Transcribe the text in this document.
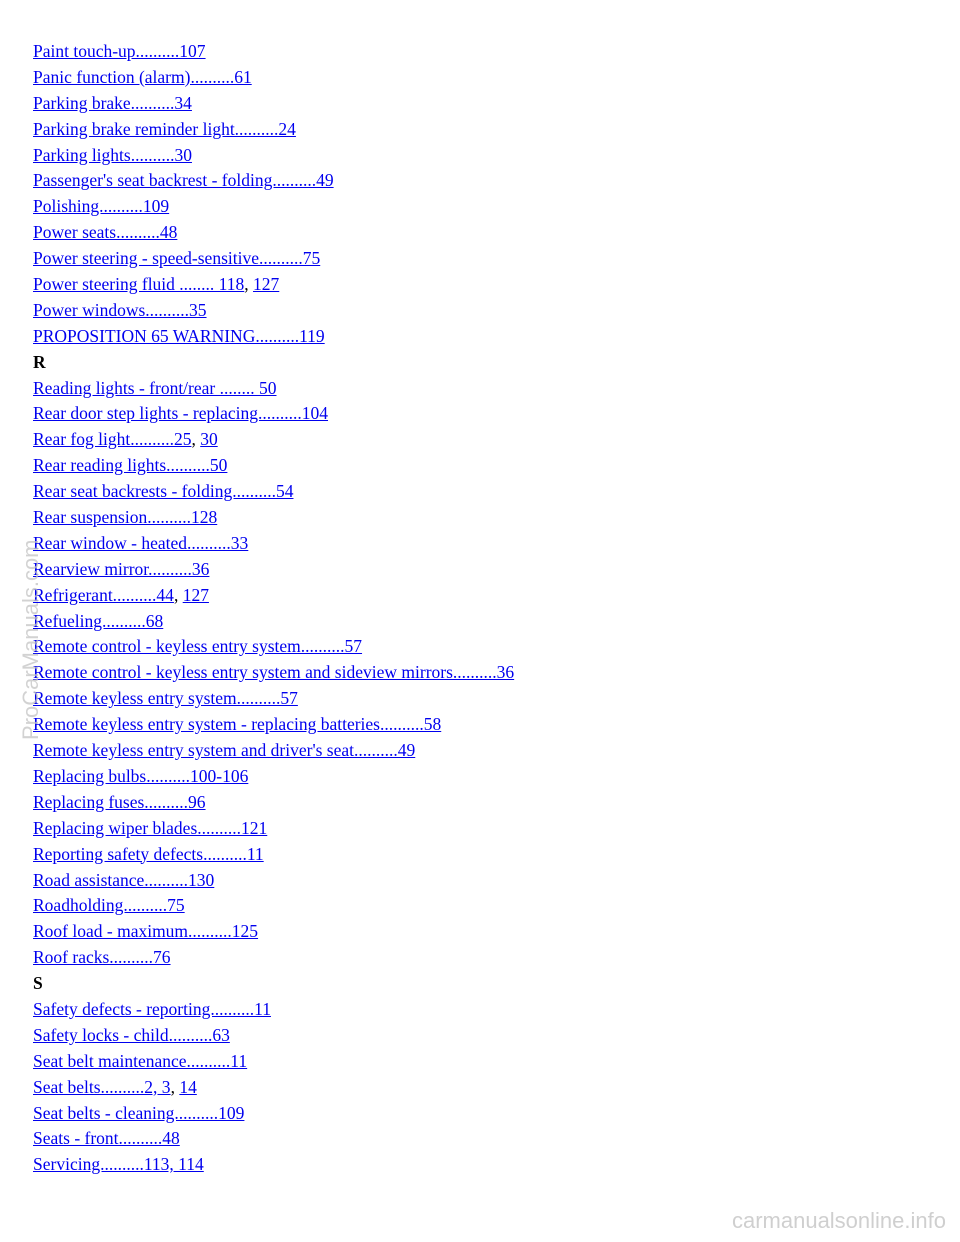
Paint touch-up..........107
Panic function (alarm)..........61
Parking brake..........34
Parking brake reminder light..........24
Parking lights..........30
Passenger's seat backrest - folding..........49
Polishing..........109
Power seats..........48
Power steering - speed-sensitive..........75
Power steering fluid ........ 118, 127
Power windows..........35
PROPOSITION 65 WARNING..........119
R
Reading lights - front/rear ........ 50
Rear door step lights - replacing..........104
Rear fog light..........25, 30
Rear reading lights..........50
Rear seat backrests - folding..........54
Rear suspension..........128
Rear window - heated..........33
Rearview mirror..........36
Refrigerant..........44, 127
Refueling..........68
Remote control - keyless entry system..........57
Remote control - keyless entry system and sideview mirrors..........36
Remote keyless entry system..........57
Remote keyless entry system - replacing batteries..........58
Remote keyless entry system and driver's seat..........49
Replacing bulbs..........100-106
Replacing fuses..........96
Replacing wiper blades..........121
Reporting safety defects..........11
Road assistance..........130
Roadholding..........75
Roof load - maximum..........125
Roof racks..........76
S
Safety defects - reporting..........11
Safety locks - child..........63
Seat belt maintenance..........11
Seat belts..........2, 3, 14
Seat belts - cleaning..........109
Seats - front..........48
Servicing..........113, 114
ProCarManuals.com
carmanualsonline.info
